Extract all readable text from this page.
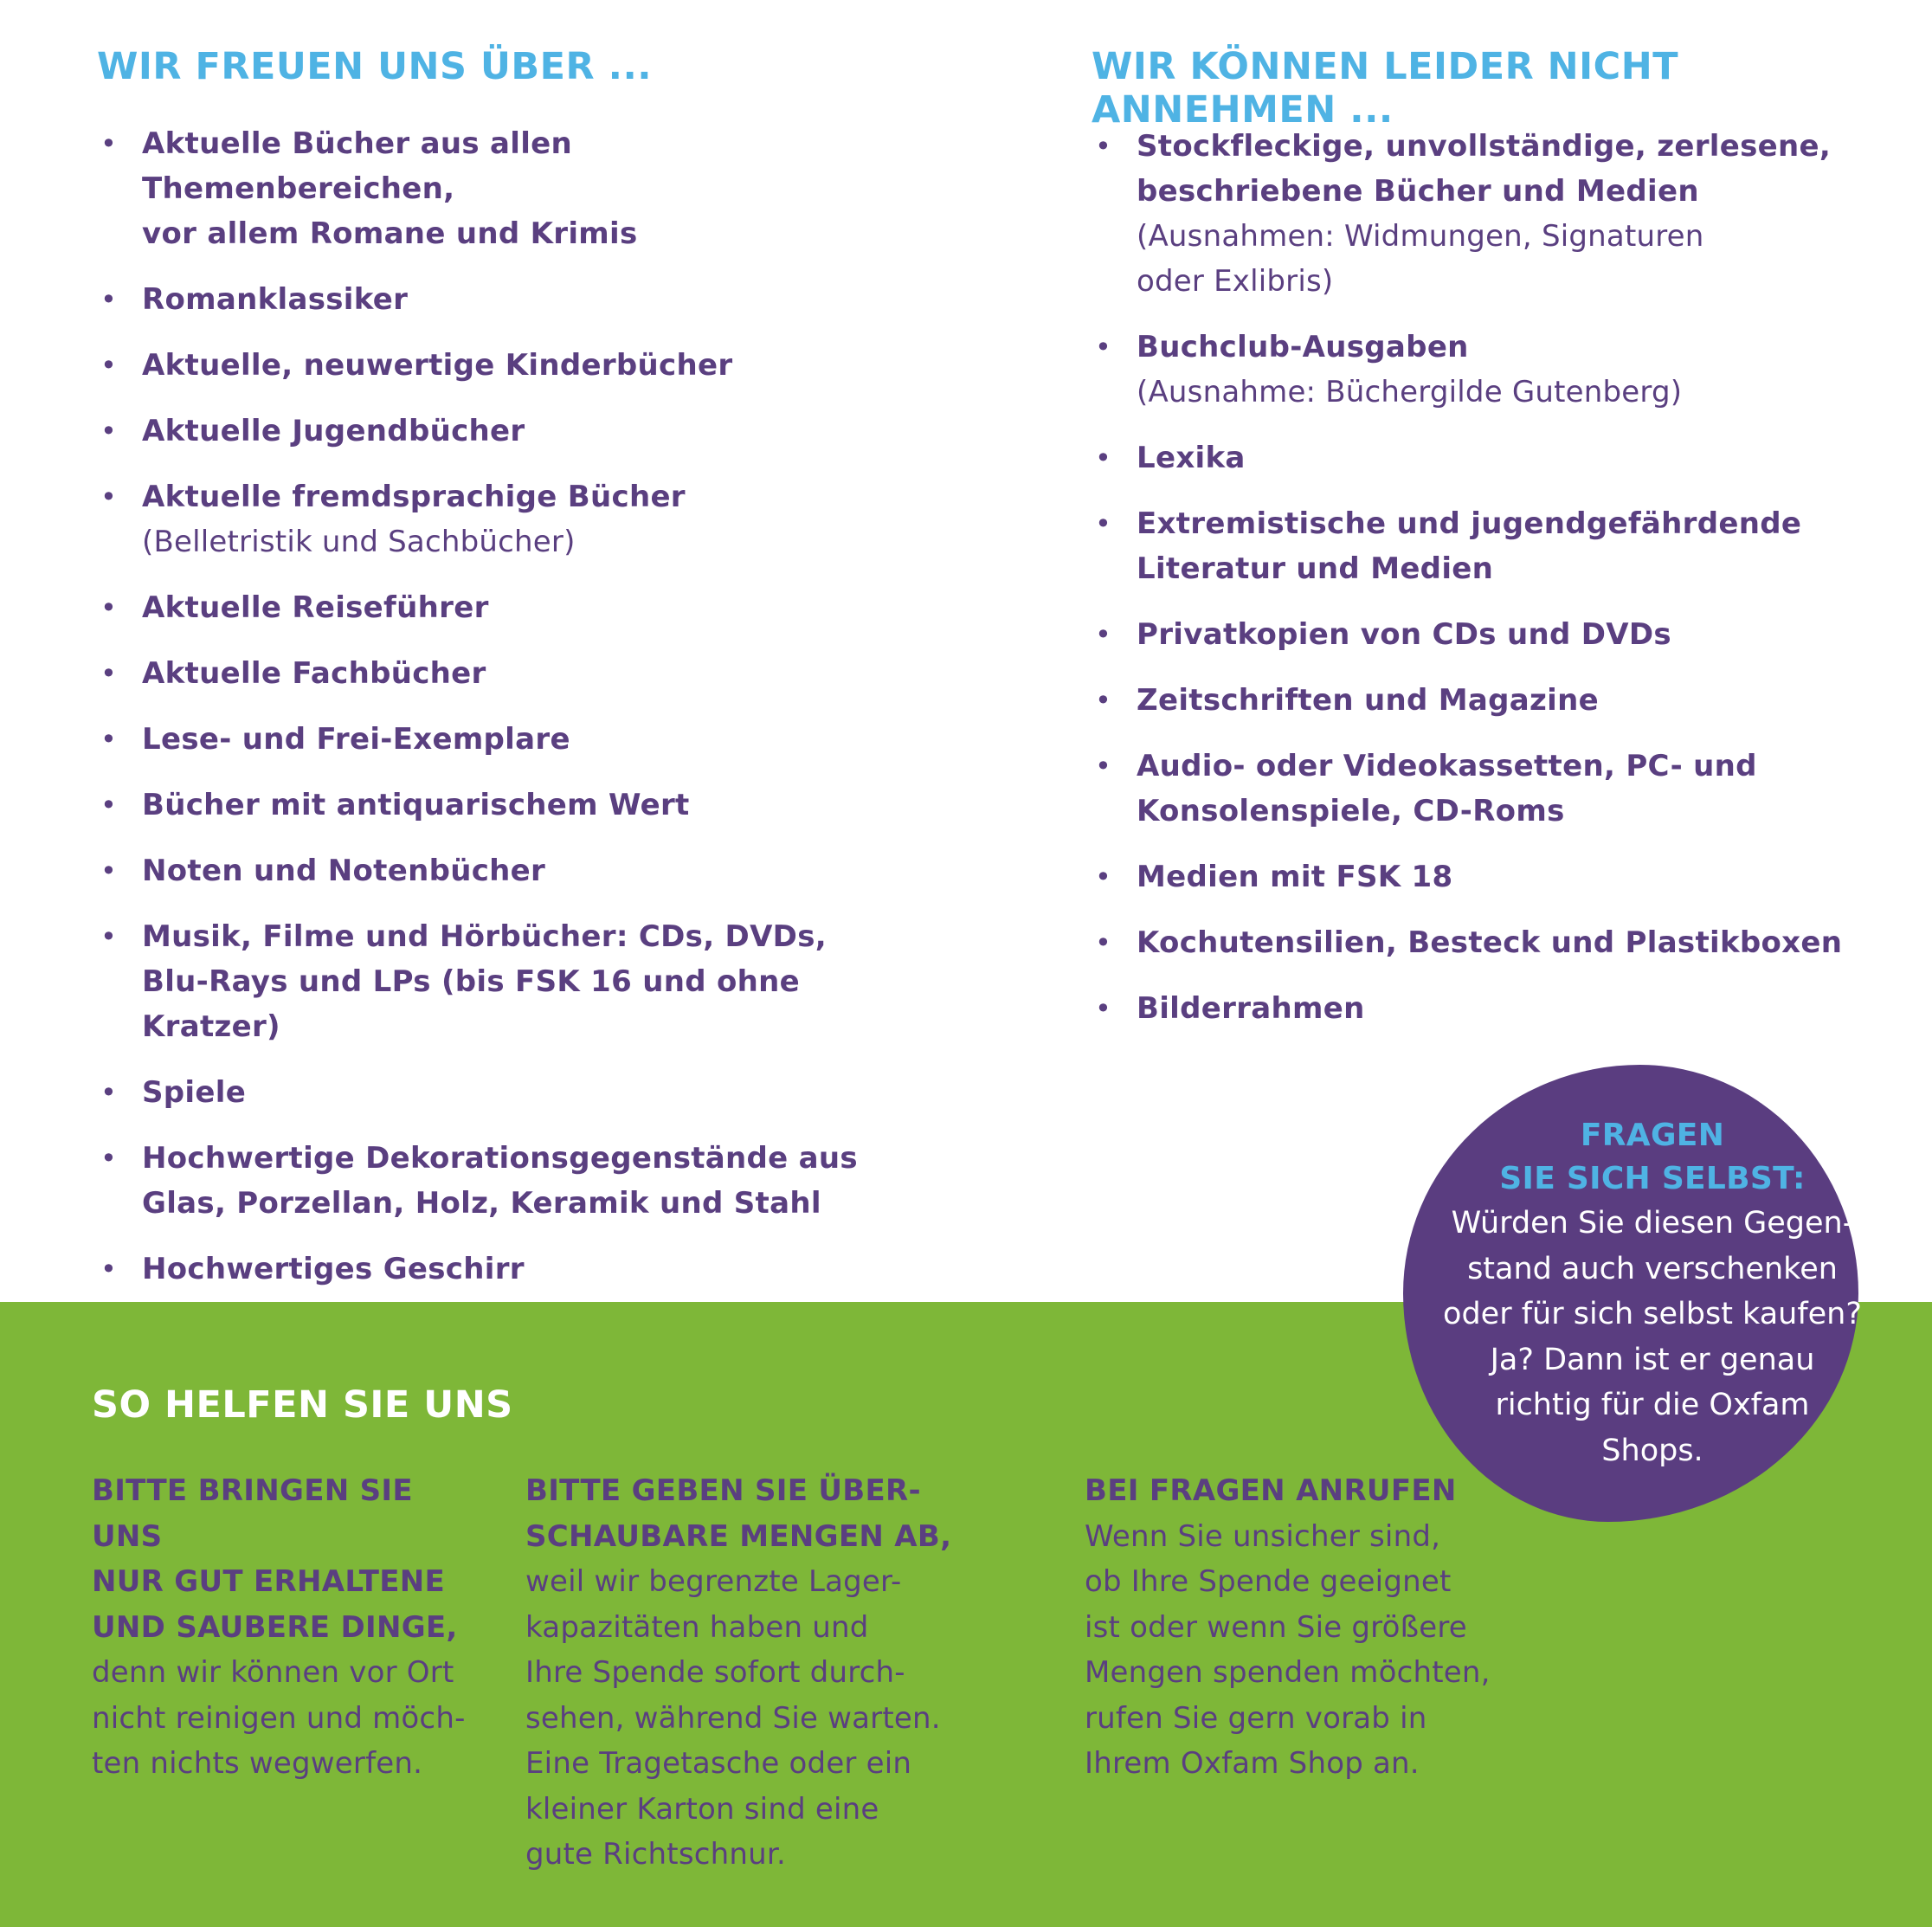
WIR FREUEN UNS ÜBER ...
• Aktuelle Bücher aus allen Themenbereichen,
vor allem Romane und Krimis
• Romanklassiker
• Aktuelle, neuwertige Kinderbücher
• Aktuelle Jugendbücher
• Aktuelle fremdsprachige Bücher
(Belletristik und Sachbücher)
• Aktuelle Reiseführer
• Aktuelle Fachbücher
• Lese- und Frei-Exemplare
• Bücher mit antiquarischem Wert
• Noten und Notenbücher
• Musik, Filme und Hörbücher: CDs, DVDs,
Blu-Rays und LPs (bis FSK 16 und ohne Kratzer)
• Spiele
• Hochwertige Dekorationsgegenstände aus
Glas, Porzellan, Holz, Keramik und Stahl
• Hochwertiges Geschirr
•
WIR KÖNNEN LEIDER NICHT ANNEHMEN ...
• Stockfleckige, unvollständige, zerlesene,
beschriebene Bücher und Medien
(Ausnahmen: Widmungen, Signaturen
oder Exlibris)
• Buchclub-Ausgaben
(Ausnahme: Büchergilde Gutenberg)
• Lexika
• Extremistische und jugendgefährdende
Literatur und Medien
• Privatkopien von CDs und DVDs
• Zeitschriften und Magazine
• Audio- oder Videokassetten, PC- und
Konsolenspiele, CD-Roms
• Medien mit FSK 18
• Kochutensilien, Besteck und Plastikboxen
• Bilderrahmen
SO HELFEN SIE UNS
BITTE BRINGEN SIE UNS
NUR GUT ERHALTENE
UND SAUBERE DINGE,
denn wir können vor Ort
nicht reinigen und möch-
ten nichts wegwerfen.
BITTE GEBEN SIE ÜBER-
SCHAUBARE MENGEN AB,
weil wir begrenzte Lager-
kapazitäten haben und
Ihre Spende sofort durch-
sehen, während Sie warten.
Eine Tragetasche oder ein
kleiner Karton sind eine
gute Richtschnur.
BEI FRAGEN ANRUFEN
Wenn Sie unsicher sind,
ob Ihre Spende geeignet
ist oder wenn Sie größere
Mengen spenden möchten,
rufen Sie gern vorab in
Ihrem Oxfam Shop an.
FRAGEN
SIE SICH SELBST:
Würden Sie diesen Gegen-
stand auch verschenken
oder für sich selbst kaufen?
Ja? Dann ist er genau
richtig für die Oxfam
Shops.
